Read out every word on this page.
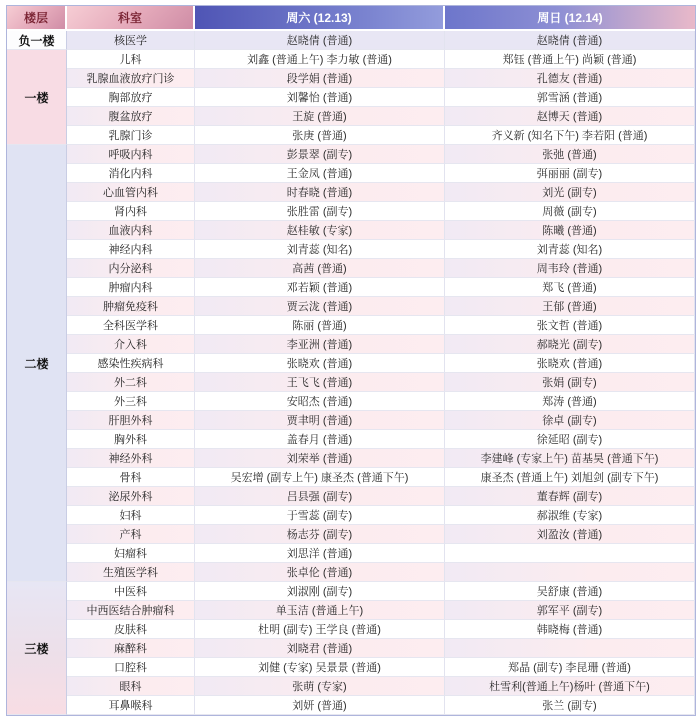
楼层	科室	周六 (12.13)	周日 (12.14)
负一楼	核医学	赵晓倩 (普通)	赵晓倩 (普通)
一楼	儿科	刘鑫 (普通上午) 李力敏 (普通)	郑钰 (普通上午) 尚颖 (普通)
	乳腺血液放疗门诊	段学娟 (普通)	孔德友 (普通)
	胸部放疗	刘馨怡 (普通)	郭雪涵 (普通)
	腹盆放疗	王旋 (普通)	赵博天 (普通)
	乳腺门诊	张庚 (普通)	齐义新 (知名下午) 李若阳 (普通)
二楼	呼吸内科	彭景翠 (副专)	张弛 (普通)
	消化内科	王金凤 (普通)	弭丽丽 (副专)
	心血管内科	时春晓 (普通)	刘光 (副专)
	肾内科	张胜雷 (副专)	周薇 (副专)
	血液内科	赵桂敏 (专家)	陈曦 (普通)
	神经内科	刘青蕊 (知名)	刘青蕊 (知名)
	内分泌科	高茜 (普通)	周韦玲 (普通)
	肿瘤内科	邓若颖 (普通)	郑飞 (普通)
	肿瘤免疫科	贾云泷 (普通)	王郁 (普通)
	全科医学科	陈丽 (普通)	张文哲 (普通)
	介入科	李亚洲 (普通)	郝晓光 (副专)
	感染性疾病科	张晓欢 (普通)	张晓欢 (普通)
	外二科	王飞飞 (普通)	张娟 (副专)
	外三科	安昭杰 (普通)	郑涛 (普通)
	肝胆外科	贾聿明 (普通)	徐卓 (副专)
	胸外科	盖春月 (普通)	徐延昭 (副专)
	神经外科	刘荣举 (普通)	李建峰 (专家上午) 苗基昊 (普通下午)
	骨科	吴宏增 (副专上午) 康圣杰 (普通下午)	康圣杰 (普通上午) 刘旭剑 (副专下午)
	泌尿外科	吕县强 (副专)	董春辉 (副专)
	妇科	于雪蕊 (副专)	郝淑维 (专家)
	产科	杨志芬 (副专)	刘盈汝 (普通)
	妇瘤科	刘思洋 (普通)	
	生殖医学科	张卓伦 (普通)	
三楼	中医科	刘淑刚 (副专)	吴舒康 (普通)
	中西医结合肿瘤科	单玉洁 (普通上午)	郭军平 (副专)
	皮肤科	杜明 (副专) 王学良 (普通)	韩晓梅 (普通)
	麻醉科	刘晓君 (普通)	
	口腔科	刘健 (专家) 吴景景 (普通)	郑晶 (副专) 李昆珊 (普通)
	眼科	张萌 (专家)	杜雪利(普通上午)杨叶 (普通下午)
	耳鼻喉科	刘妍 (普通)	张兰 (副专)
